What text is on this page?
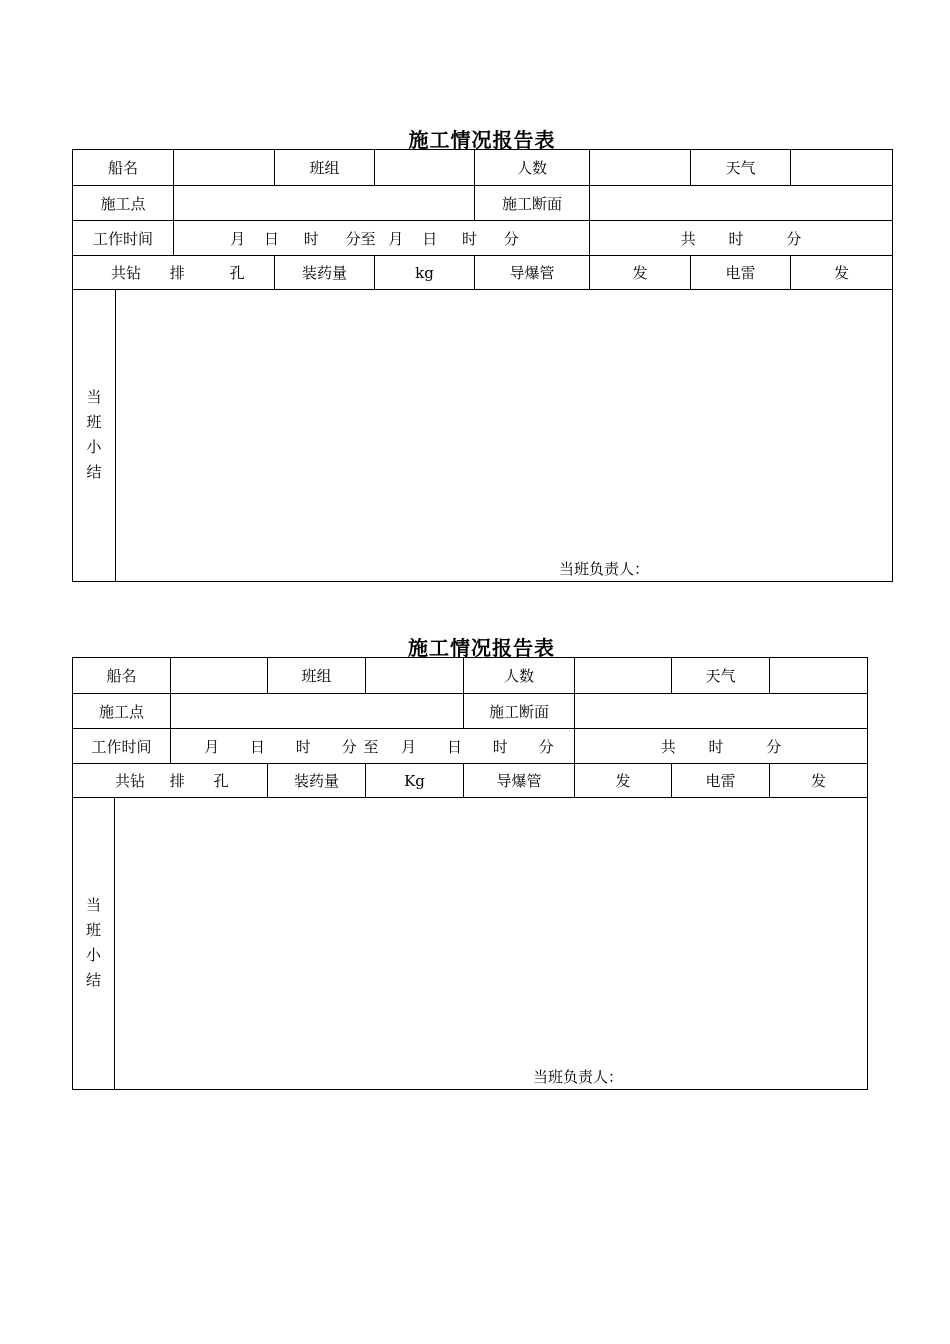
施工情况报告表
船名		班组		人数		天气	
施工点				施工断面			
工作时间	月 日 时 分至 月 日 时 分				共 时 分		
共钻 排 孔		装药量	kg	导爆管	发	电雷	发
当
班
小
结	
当班负责人：
施工情况报告表
船名		班组		人数		天气	
施工点				施工断面			
工作时间	月 日 时 分 至 月 日 时 分				共 时 分		
共钻 排 孔		装药量	Kg	导爆管	发	电雷	发
当
班
小
结	
当班负责人：
